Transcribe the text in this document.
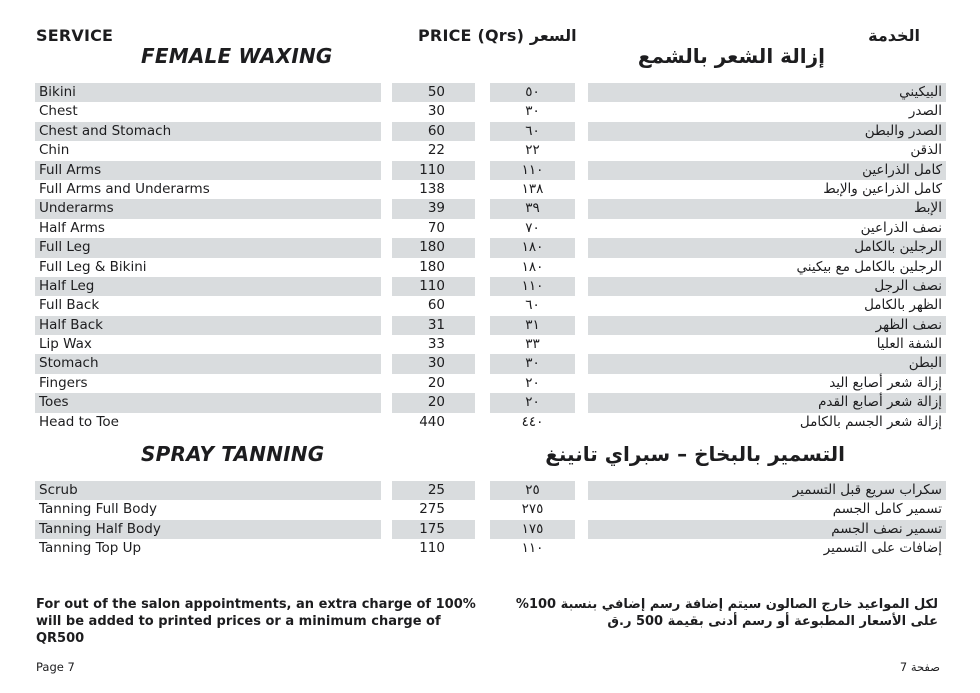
SERVICE	PRICE (Qrs) السعر	الخدمة
FEMALE WAXING	إزالة الشعر بالشمع
Bikini	50	٥٠	البيكيني
Chest	30	٣٠	الصدر
Chest and Stomach	60	٦٠	الصدر والبطن
Chin	22	٢٢	الذقن
Full Arms	110	١١٠	كامل الذراعين
Full Arms and Underarms	138	١٣٨	كامل الذراعين والإبط
Underarms	39	٣٩	الإبط
Half Arms	70	٧٠	نصف الذراعين
Full Leg	180	١٨٠	الرجلين بالكامل
Full Leg & Bikini	180	١٨٠	الرجلين بالكامل مع بيكيني
Half Leg	110	١١٠	نصف الرجل
Full Back	60	٦٠	الظهر بالكامل
Half Back	31	٣١	نصف الظهر
Lip Wax	33	٣٣	الشفة العليا
Stomach	30	٣٠	البطن
Fingers	20	٢٠	إزالة شعر أصابع اليد
Toes	20	٢٠	إزالة شعر أصابع القدم
Head to Toe	440	٤٤٠	إزالة شعر الجسم بالكامل
SPRAY TANNING	التسمير بالبخاخ – سبراي تانينغ
Scrub	25	٢٥	سكراب سريع قبل التسمير
Tanning Full Body	275	٢٧٥	تسمير كامل الجسم
Tanning Half Body	175	١٧٥	تسمير نصف الجسم
Tanning Top Up	110	١١٠	إضافات على التسمير
For out of the salon appointments, an extra charge of 100% will be added to printed prices or a minimum charge of QR500
لكل المواعيد خارج الصالون سيتم إضافة رسم إضافي بنسبة 100% على الأسعار المطبوعة أو رسم أدنى بقيمة 500 ر.ق
Page 7	صفحة 7
